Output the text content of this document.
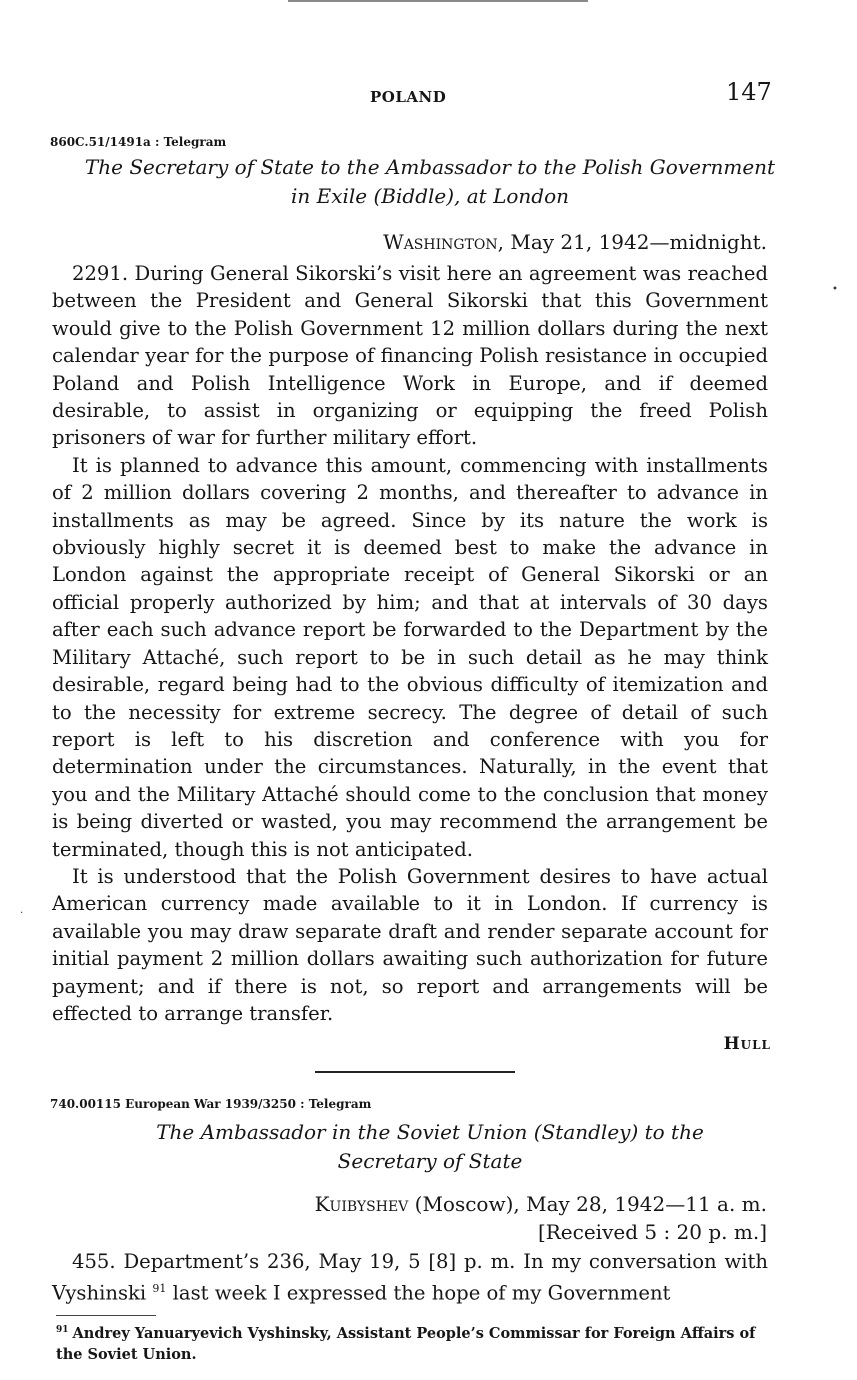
POLAND	147
860C.51/1491a : Telegram
The Secretary of State to the Ambassador to the Polish Government
in Exile (Biddle), at London
Washington, May 21, 1942—midnight.

2291. During General Sikorski’s visit here an agreement was reached between the President and General Sikorski that this Government would give to the Polish Government 12 million dollars during the next calendar year for the purpose of financing Polish resistance in occupied Poland and Polish Intelligence Work in Europe, and if deemed desirable, to assist in organizing or equipping the freed Polish prisoners of war for further military effort.

It is planned to advance this amount, commencing with installments of 2 million dollars covering 2 months, and thereafter to advance in installments as may be agreed. Since by its nature the work is obviously highly secret it is deemed best to make the advance in London against the appropriate receipt of General Sikorski or an official properly authorized by him; and that at intervals of 30 days after each such advance report be forwarded to the Department by the Military Attaché, such report to be in such detail as he may think desirable, regard being had to the obvious difficulty of itemization and to the necessity for extreme secrecy. The degree of detail of such report is left to his discretion and conference with you for determination under the circumstances. Naturally, in the event that you and the Military Attaché should come to the conclusion that money is being diverted or wasted, you may recommend the arrangement be terminated, though this is not anticipated.

It is understood that the Polish Government desires to have actual American currency made available to it in London. If currency is available you may draw separate draft and render separate account for initial payment 2 million dollars awaiting such authorization for future payment; and if there is not, so report and arrangements will be effected to arrange transfer.

Hull
740.00115 European War 1939/3250 : Telegram
The Ambassador in the Soviet Union (Standley) to the
Secretary of State
Kuibyshev (Moscow), May 28, 1942—11 a. m.
[Received 5 : 20 p. m.]

455. Department’s 236, May 19, 5 [8] p. m. In my conversation with Vyshinski $^{91}$ last week I expressed the hope of my Government

$^{91}$ Andrey Yanuaryevich Vyshinsky, Assistant People’s Commissar for Foreign Affairs of the Soviet Union.
•
·
